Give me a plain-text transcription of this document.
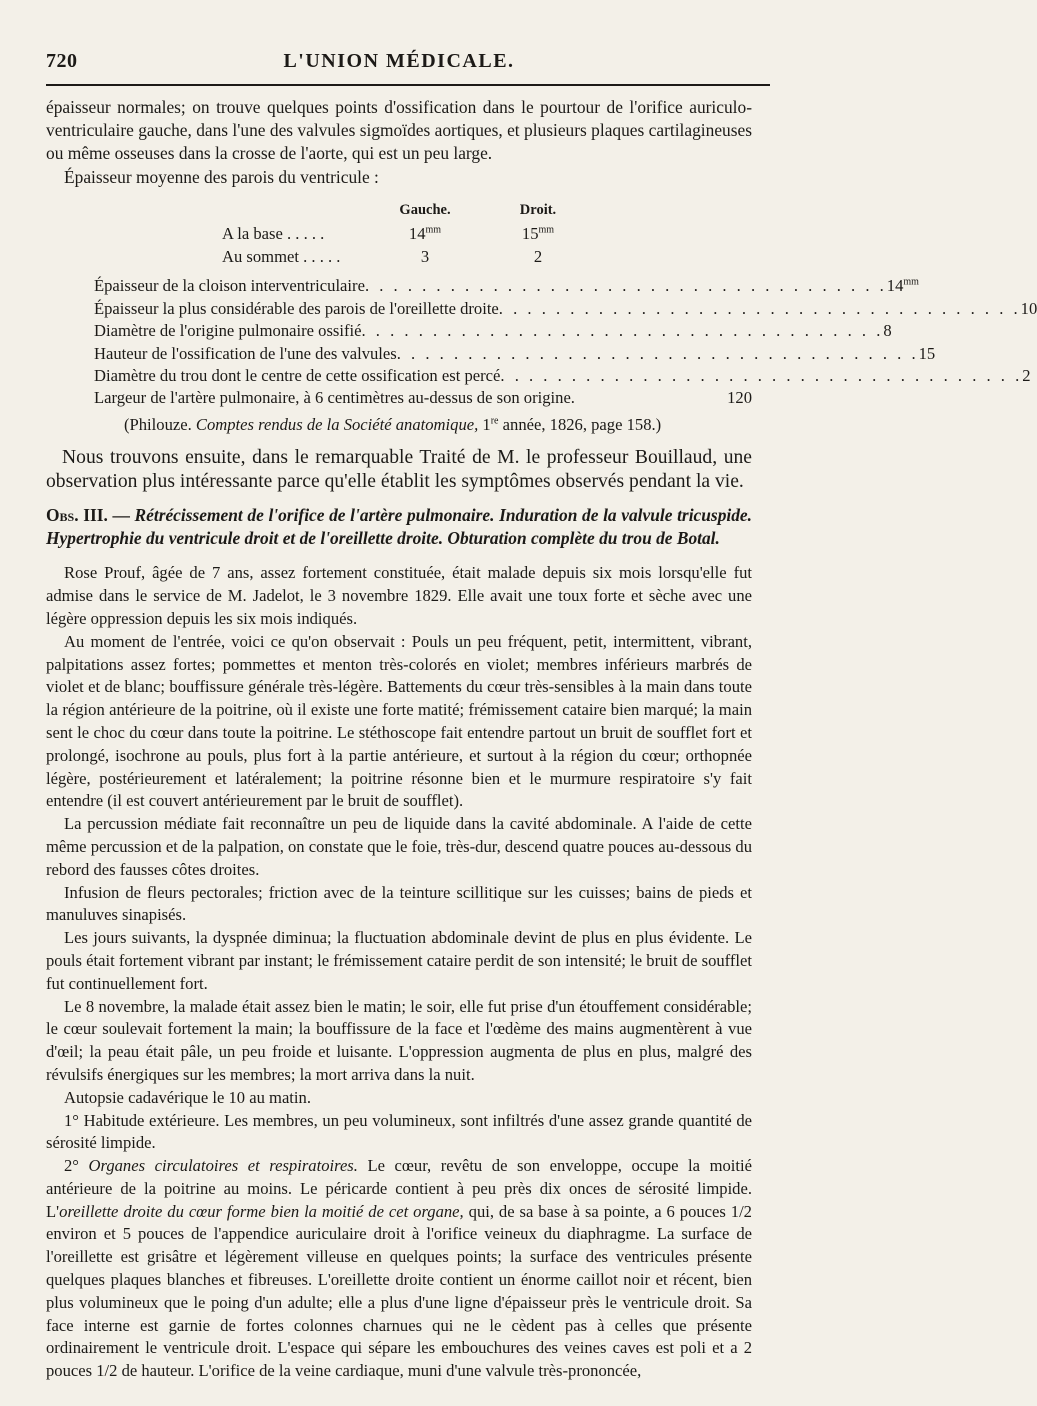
720	L'UNION MÉDICALE.

épaisseur normales; on trouve quelques points d'ossification dans le pourtour de l'orifice auriculo-ventriculaire gauche, dans l'une des valvules sigmoïdes aortiques, et plusieurs plaques cartilagineuses ou même osseuses dans la crosse de l'aorte, qui est un peu large.

Épaisseur moyenne des parois du ventricule :

	Gauche.	Droit.
A la base . . . . .	$14^{mm}$	$15^{mm}$
Au sommet . . . . .	3	2
Épaisseur de la cloison interventriculaire . . . . . . . . . . . . . . . . . . . . . . . . . . . . . . . . . . . . . $14^{mm}$
Épaisseur la plus considérable des parois de l'oreillette droite . . . . . . . . . . . . . . . . . . . . . . . . . . . . . . . . . . . . . 10
Diamètre de l'origine pulmonaire ossifié . . . . . . . . . . . . . . . . . . . . . . . . . . . . . . . . . . . . . 8
Hauteur de l'ossification de l'une des valvules . . . . . . . . . . . . . . . . . . . . . . . . . . . . . . . . . . . . . 15
Diamètre du trou dont le centre de cette ossification est percé . . . . . . . . . . . . . . . . . . . . . . . . . . . . . . . . . . . . . 2
Largeur de l'artère pulmonaire, à 6 centimètres au-dessus de son origine.	120

(Philouze. Comptes rendus de la Société anatomique, 1re année, 1826, page 158.)

Nous trouvons ensuite, dans le remarquable Traité de M. le professeur Bouillaud, une observation plus intéressante parce qu'elle établit les symptômes observés pendant la vie.

Obs. III. — Rétrécissement de l'orifice de l'artère pulmonaire. Induration de la valvule tricuspide. Hypertrophie du ventricule droit et de l'oreillette droite. Obturation complète du trou de Botal.

Rose Prouf, âgée de 7 ans, assez fortement constituée, était malade depuis six mois lorsqu'elle fut admise dans le service de M. Jadelot, le 3 novembre 1829. Elle avait une toux forte et sèche avec une légère oppression depuis les six mois indiqués.

Au moment de l'entrée, voici ce qu'on observait : Pouls un peu fréquent, petit, intermittent, vibrant, palpitations assez fortes; pommettes et menton très-colorés en violet; membres inférieurs marbrés de violet et de blanc; bouffissure générale très-légère. Battements du cœur très-sensibles à la main dans toute la région antérieure de la poitrine, où il existe une forte matité; frémissement cataire bien marqué; la main sent le choc du cœur dans toute la poitrine. Le stéthoscope fait entendre partout un bruit de soufflet fort et prolongé, isochrone au pouls, plus fort à la partie antérieure, et surtout à la région du cœur; orthopnée légère, postérieurement et latéralement; la poitrine résonne bien et le murmure respiratoire s'y fait entendre (il est couvert antérieurement par le bruit de soufflet).

La percussion médiate fait reconnaître un peu de liquide dans la cavité abdominale. A l'aide de cette même percussion et de la palpation, on constate que le foie, très-dur, descend quatre pouces au-dessous du rebord des fausses côtes droites.

Infusion de fleurs pectorales; friction avec de la teinture scillitique sur les cuisses; bains de pieds et manuluves sinapisés.

Les jours suivants, la dyspnée diminua; la fluctuation abdominale devint de plus en plus évidente. Le pouls était fortement vibrant par instant; le frémissement cataire perdit de son intensité; le bruit de soufflet fut continuellement fort.

Le 8 novembre, la malade était assez bien le matin; le soir, elle fut prise d'un étouffement considérable; le cœur soulevait fortement la main; la bouffissure de la face et l'œdème des mains augmentèrent à vue d'œil; la peau était pâle, un peu froide et luisante. L'oppression augmenta de plus en plus, malgré des révulsifs énergiques sur les membres; la mort arriva dans la nuit.

Autopsie cadavérique le 10 au matin.

1° Habitude extérieure. Les membres, un peu volumineux, sont infiltrés d'une assez grande quantité de sérosité limpide.

2° Organes circulatoires et respiratoires. Le cœur, revêtu de son enveloppe, occupe la moitié antérieure de la poitrine au moins. Le péricarde contient à peu près dix onces de sérosité limpide. L'oreillette droite du cœur forme bien la moitié de cet organe, qui, de sa base à sa pointe, a 6 pouces 1/2 environ et 5 pouces de l'appendice auriculaire droit à l'orifice veineux du diaphragme. La surface de l'oreillette est grisâtre et légèrement villeuse en quelques points; la surface des ventricules présente quelques plaques blanches et fibreuses. L'oreillette droite contient un énorme caillot noir et récent, bien plus volumineux que le poing d'un adulte; elle a plus d'une ligne d'épaisseur près le ventricule droit. Sa face interne est garnie de fortes colonnes charnues qui ne le cèdent pas à celles que présente ordinairement le ventricule droit. L'espace qui sépare les embouchures des veines caves est poli et a 2 pouces 1/2 de hauteur. L'orifice de la veine cardiaque, muni d'une valvule très-prononcée,
